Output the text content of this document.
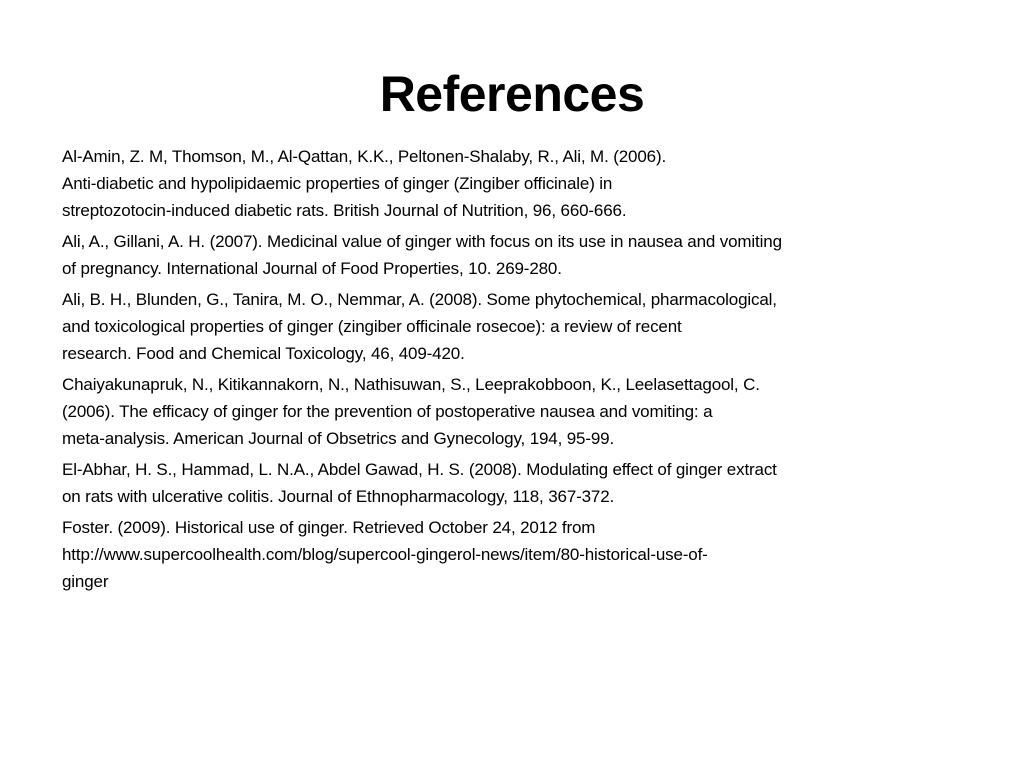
References
Al-Amin, Z. M, Thomson, M., Al-Qattan, K.K., Peltonen-Shalaby, R., Ali, M. (2006).
Anti-diabetic and hypolipidaemic properties of ginger (Zingiber officinale) in
streptozotocin-induced diabetic rats. British Journal of Nutrition, 96, 660-666.
Ali, A., Gillani, A. H. (2007). Medicinal value of ginger with focus on its use in nausea and vomiting
of pregnancy. International Journal of Food Properties, 10. 269-280.
Ali, B. H., Blunden, G., Tanira, M. O., Nemmar, A. (2008). Some phytochemical, pharmacological,
and toxicological properties of ginger (zingiber officinale rosecoe): a review of recent
research. Food and Chemical Toxicology, 46, 409-420.
Chaiyakunapruk, N., Kitikannakorn, N., Nathisuwan, S., Leeprakobboon, K., Leelasettagool, C.
(2006). The efficacy of ginger for the prevention of postoperative nausea and vomiting: a
meta-analysis. American Journal of Obsetrics and Gynecology, 194, 95-99.
El-Abhar, H. S., Hammad, L. N.A., Abdel Gawad, H. S. (2008). Modulating effect of ginger extract
on rats with ulcerative colitis. Journal of Ethnopharmacology, 118, 367-372.
Foster. (2009). Historical use of ginger. Retrieved October 24, 2012 from
http://www.supercoolhealth.com/blog/supercool-gingerol-news/item/80-historical-use-of-
ginger
